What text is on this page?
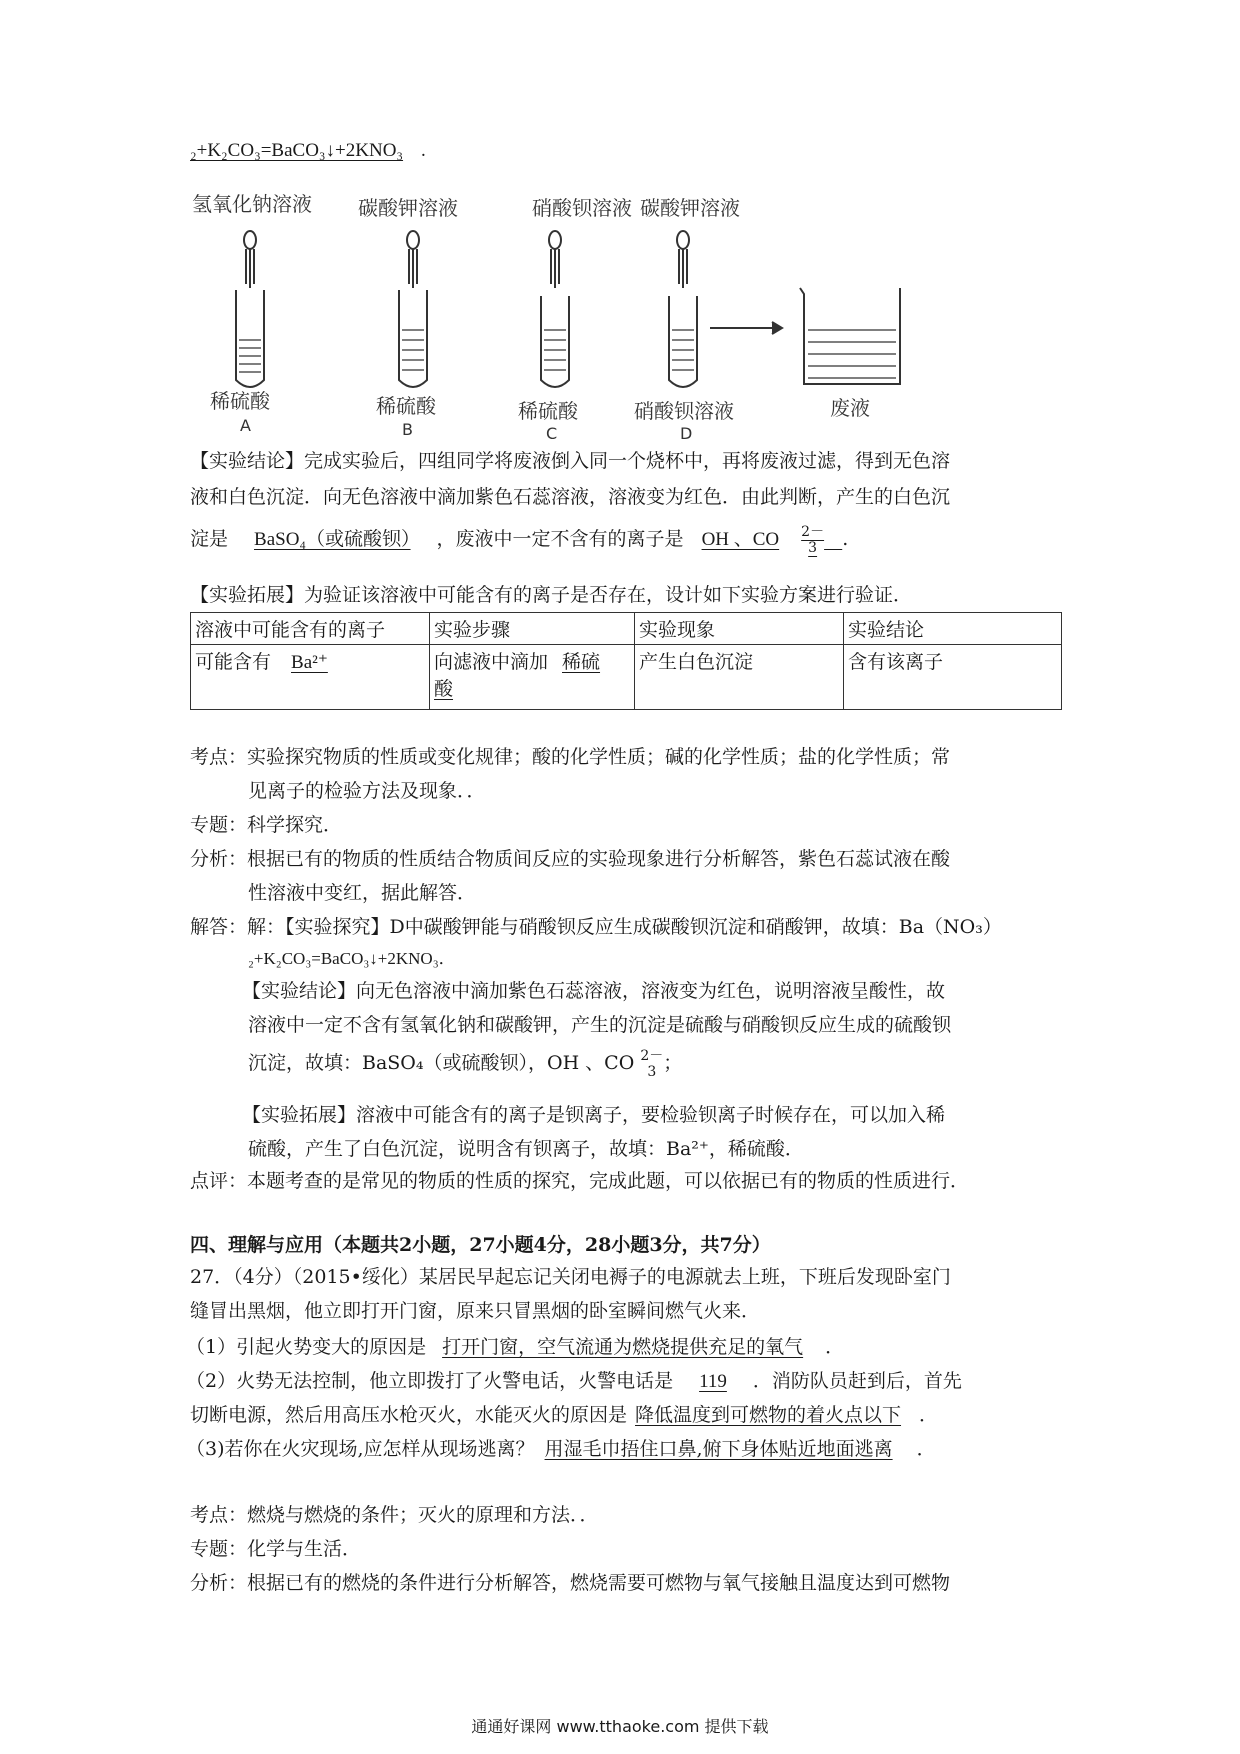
₂+K₂CO₃=BaCO₃↓+2KNO₃ .
氢氧化钠溶液 碳酸钾溶液	硝酸钡溶液 碳酸钾溶液
稀硫酸	稀硫酸	稀硫酸	硝酸钡溶液	废液
A	B	C	D
【实验结论】完成实验后，四组同学将废液倒入同一个烧杯中，再将废液过滤，得到无色溶
液和白色沉淀．向无色溶液中滴加紫色石蕊溶液，溶液变为红色．由此判断，产生的白色沉
淀是 BaSO₄（或硫酸钡） ，废液中一定不含有的离子是 OH 、CO 2－
3 .
【实验拓展】为验证该溶液中可能含有的离子是否存在，设计如下实验方案进行验证．
溶液中可能含有的离子	实验步骤	实验现象	实验结论
可能含有 Ba²⁺	向滤液中滴加 稀硫
酸	产生白色沉淀	含有该离子
考点：实验探究物质的性质或变化规律；酸的化学性质；碱的化学性质；盐的化学性质；常
见离子的检验方法及现象．．
专题：科学探究．
分析：根据已有的物质的性质结合物质间反应的实验现象进行分析解答，紫色石蕊试液在酸
性溶液中变红，据此解答．
解答：解：【实验探究】D中碳酸钾能与硝酸钡反应生成碳酸钡沉淀和硝酸钾，故填：Ba（NO₃）
₂+K₂CO₃=BaCO₃↓+2KNO₃．
【实验结论】向无色溶液中滴加紫色石蕊溶液，溶液变为红色，说明溶液呈酸性，故
溶液中一定不含有氢氧化钠和碳酸钾，产生的沉淀是硫酸与硝酸钡反应生成的硫酸钡
沉淀，故填：BaSO₄（或硫酸钡），OH 、CO 2－
3 ；
【实验拓展】溶液中可能含有的离子是钡离子，要检验钡离子时候存在，可以加入稀
硫酸，产生了白色沉淀，说明含有钡离子，故填：Ba²⁺，稀硫酸．
点评：本题考查的是常见的物质的性质的探究，完成此题，可以依据已有的物质的性质进行．
四、理解与应用（本题共2小题，27小题4分，28小题3分，共7分）
27．（4分）（2015•绥化）某居民早起忘记关闭电褥子的电源就去上班，下班后发现卧室门
缝冒出黑烟，他立即打开门窗，原来只冒黑烟的卧室瞬间燃气火来．
（1）引起火势变大的原因是 打开门窗，空气流通为燃烧提供充足的氧气 ．
（2）火势无法控制，他立即拨打了火警电话，火警电话是 119 ．消防队员赶到后，首先
切断电源，然后用高压水枪灭火，水能灭火的原因是 降低温度到可燃物的着火点以下 ．
（3)若你在火灾现场,应怎样从现场逃离？ 用湿毛巾捂住口鼻,俯下身体贴近地面逃离 ．
考点：燃烧与燃烧的条件；灭火的原理和方法．．
专题：化学与生活．
分析：根据已有的燃烧的条件进行分析解答，燃烧需要可燃物与氧气接触且温度达到可燃物
通通好课网 www.tthaoke.com 提供下载
